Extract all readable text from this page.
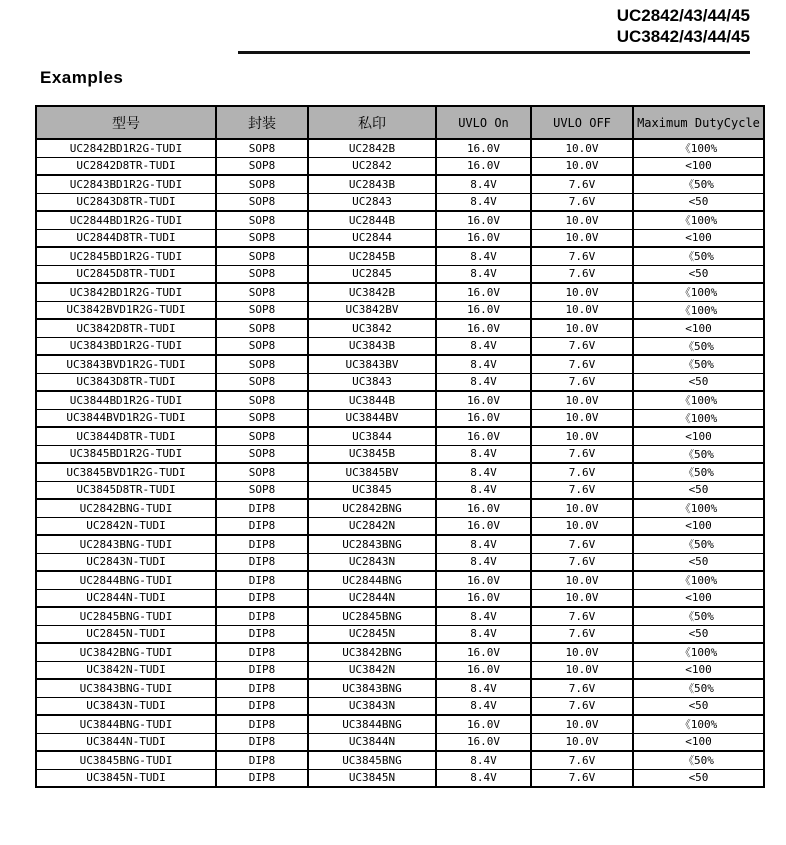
UC2842/43/44/45
UC3842/43/44/45
Examples
型号	封装	私印	UVLO On	UVLO OFF	Maximum DutyCycle
UC2842BD1R2G-TUDI	SOP8	UC2842B	16.0V	10.0V	《100%
UC2842D8TR-TUDI	SOP8	UC2842	16.0V	10.0V	<100
UC2843BD1R2G-TUDI	SOP8	UC2843B	8.4V	7.6V	《50%
UC2843D8TR-TUDI	SOP8	UC2843	8.4V	7.6V	<50
UC2844BD1R2G-TUDI	SOP8	UC2844B	16.0V	10.0V	《100%
UC2844D8TR-TUDI	SOP8	UC2844	16.0V	10.0V	<100
UC2845BD1R2G-TUDI	SOP8	UC2845B	8.4V	7.6V	《50%
UC2845D8TR-TUDI	SOP8	UC2845	8.4V	7.6V	<50
UC3842BD1R2G-TUDI	SOP8	UC3842B	16.0V	10.0V	《100%
UC3842BVD1R2G-TUDI	SOP8	UC3842BV	16.0V	10.0V	《100%
UC3842D8TR-TUDI	SOP8	UC3842	16.0V	10.0V	<100
UC3843BD1R2G-TUDI	SOP8	UC3843B	8.4V	7.6V	《50%
UC3843BVD1R2G-TUDI	SOP8	UC3843BV	8.4V	7.6V	《50%
UC3843D8TR-TUDI	SOP8	UC3843	8.4V	7.6V	<50
UC3844BD1R2G-TUDI	SOP8	UC3844B	16.0V	10.0V	《100%
UC3844BVD1R2G-TUDI	SOP8	UC3844BV	16.0V	10.0V	《100%
UC3844D8TR-TUDI	SOP8	UC3844	16.0V	10.0V	<100
UC3845BD1R2G-TUDI	SOP8	UC3845B	8.4V	7.6V	《50%
UC3845BVD1R2G-TUDI	SOP8	UC3845BV	8.4V	7.6V	《50%
UC3845D8TR-TUDI	SOP8	UC3845	8.4V	7.6V	<50
UC2842BNG-TUDI	DIP8	UC2842BNG	16.0V	10.0V	《100%
UC2842N-TUDI	DIP8	UC2842N	16.0V	10.0V	<100
UC2843BNG-TUDI	DIP8	UC2843BNG	8.4V	7.6V	《50%
UC2843N-TUDI	DIP8	UC2843N	8.4V	7.6V	<50
UC2844BNG-TUDI	DIP8	UC2844BNG	16.0V	10.0V	《100%
UC2844N-TUDI	DIP8	UC2844N	16.0V	10.0V	<100
UC2845BNG-TUDI	DIP8	UC2845BNG	8.4V	7.6V	《50%
UC2845N-TUDI	DIP8	UC2845N	8.4V	7.6V	<50
UC3842BNG-TUDI	DIP8	UC3842BNG	16.0V	10.0V	《100%
UC3842N-TUDI	DIP8	UC3842N	16.0V	10.0V	<100
UC3843BNG-TUDI	DIP8	UC3843BNG	8.4V	7.6V	《50%
UC3843N-TUDI	DIP8	UC3843N	8.4V	7.6V	<50
UC3844BNG-TUDI	DIP8	UC3844BNG	16.0V	10.0V	《100%
UC3844N-TUDI	DIP8	UC3844N	16.0V	10.0V	<100
UC3845BNG-TUDI	DIP8	UC3845BNG	8.4V	7.6V	《50%
UC3845N-TUDI	DIP8	UC3845N	8.4V	7.6V	<50
